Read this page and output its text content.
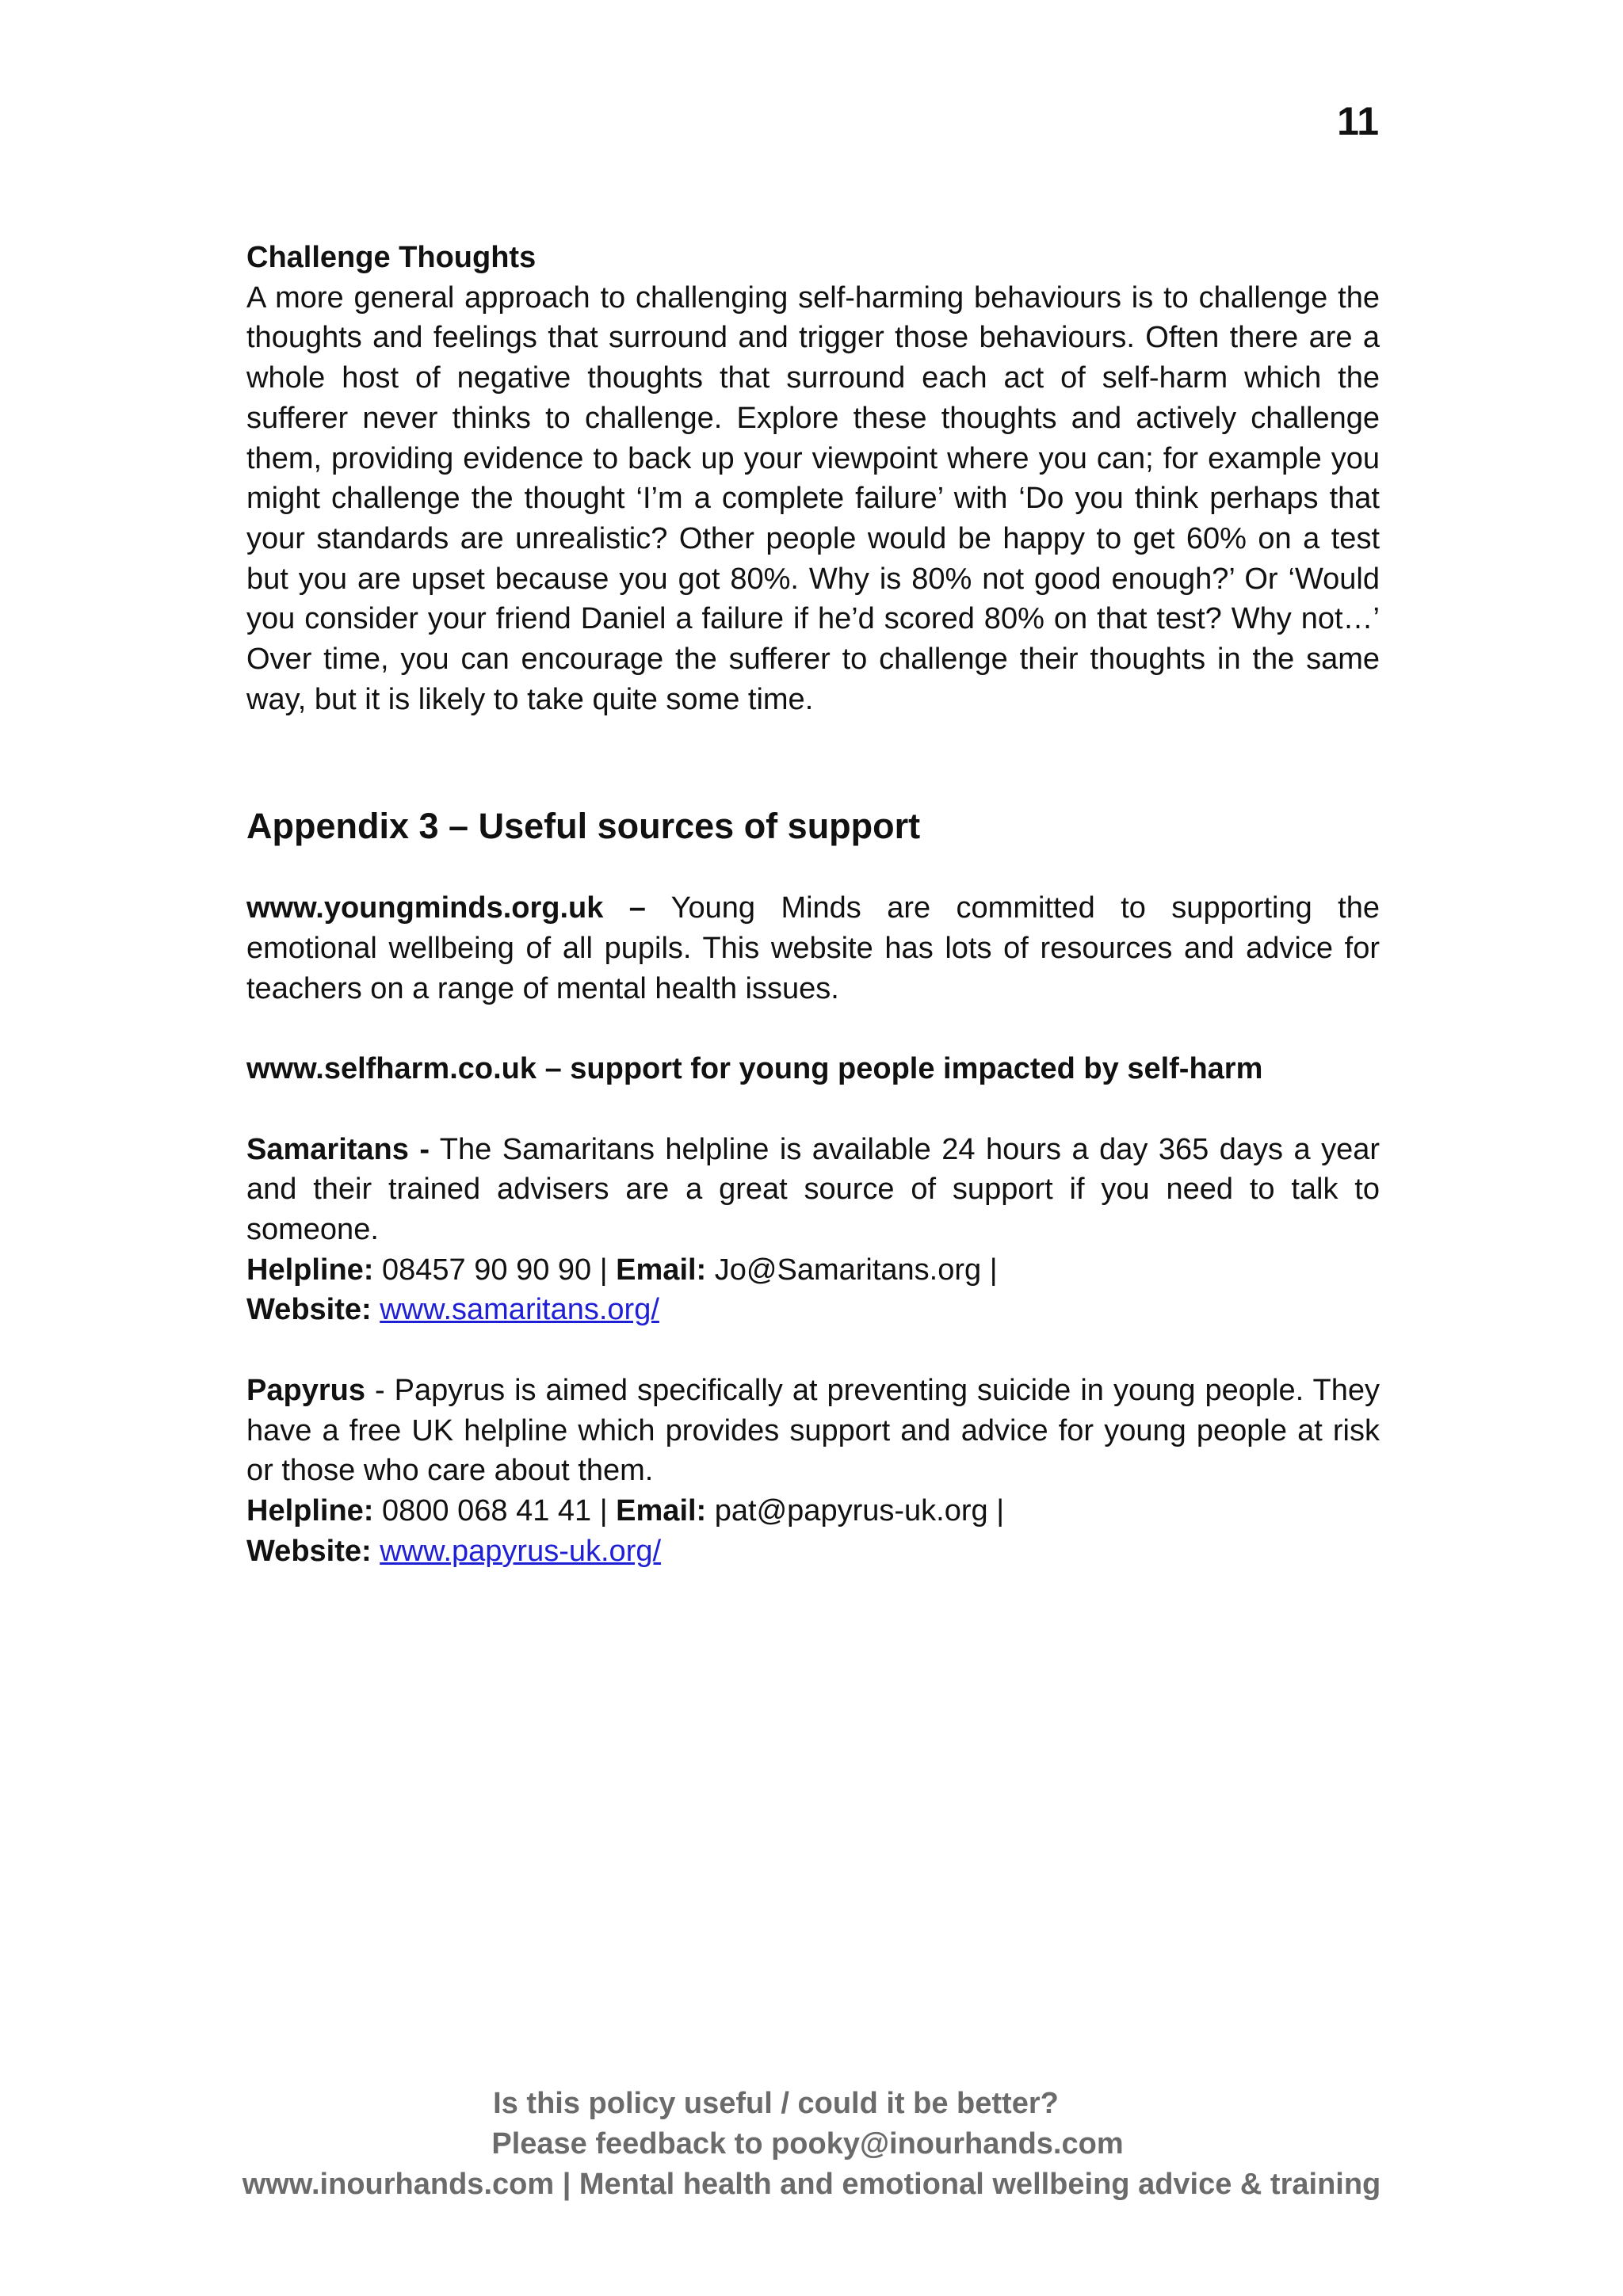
11

Challenge Thoughts

A more general approach to challenging self-harming behaviours is to challenge the thoughts and feelings that surround and trigger those behaviours. Often there are a whole host of negative thoughts that surround each act of self-harm which the sufferer never thinks to challenge. Explore these thoughts and actively challenge them, providing evidence to back up your viewpoint where you can; for example you might challenge the thought ‘I’m a complete failure’ with ‘Do you think perhaps that your standards are unrealistic? Other people would be happy to get 60% on a test but you are upset because you got 80%. Why is 80% not good enough?’ Or ‘Would you consider your friend Daniel a failure if he’d scored 80% on that test? Why not…’ Over time, you can encourage the sufferer to challenge their thoughts in the same way, but it is likely to take quite some time.

Appendix 3 – Useful sources of support

www.youngminds.org.uk – Young Minds are committed to supporting the emotional wellbeing of all pupils. This website has lots of resources and advice for teachers on a range of mental health issues.

www.selfharm.co.uk – support for young people impacted by self-harm

Samaritans - The Samaritans helpline is available 24 hours a day 365 days a year and their trained advisers are a great source of support if you need to talk to someone.

Helpline: 08457 90 90 90 | Email: Jo@Samaritans.org |

Website: www.samaritans.org/

Papyrus - Papyrus is aimed specifically at preventing suicide in young people. They have a free UK helpline which provides support and advice for young people at risk or those who care about them.

Helpline: 0800 068 41 41 | Email: pat@papyrus-uk.org |

Website: www.papyrus-uk.org/

Is this policy useful / could it be better?
Please feedback to pooky@inourhands.com
www.inourhands.com | Mental health and emotional wellbeing advice & training
